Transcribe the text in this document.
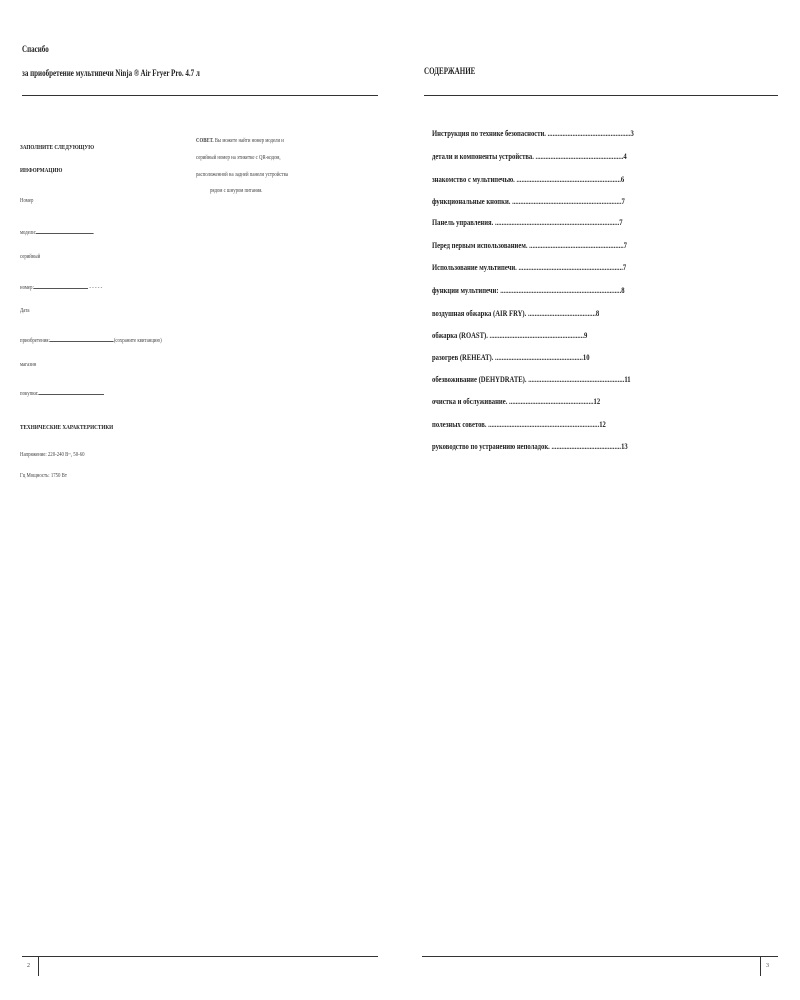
Спасибо
за приобретение мультипечи Ninja ® Air Fryer Pro. 4.7 л
ЗАПОЛНИТЕ СЛЕДУЮЩУЮ
ИНФОРМАЦИЮ
Номер
модели:
серийный
номер:	- - - - -
Дата
приобретения:	(сохраните квитанцию)
магазин
покупки:
ТЕХНИЧЕСКИЕ ХАРАКТЕРИСТИКИ
Напряжение: 220-240 В~, 50-60
Гц Мощность: 1750 Вт
СОВЕТ. Вы можете найти номер модели и
серийный номер на этикетке с QR-кодом,
расположенной на задней панели устройства
рядом с шнуром питания.
2
СОДЕРЖАНИЕ
Инструкция по технике безопасности. ..................................................3
детали и компоненты устройства. .....................................................4
знакомство с мультипечью. ...............................................................6
функциональные кнопки. ..................................................................7
Панель управления. ...........................................................................7
Перед первым использованием. .........................................................7
Использование мультипечи. ...............................................................7
функции мультипечи: .........................................................................8
воздушная обжарка (AIR FRY). .........................................8
обжарка (ROAST). .........................................................9
разогрев (REHEAT). .....................................................10
обезвоживание (DEHYDRATE). ..........................................................11
очистка и обслуживание. ...................................................12
полезных советов. ...................................................................12
руководство по устранению неполадок. ..........................................13
3
